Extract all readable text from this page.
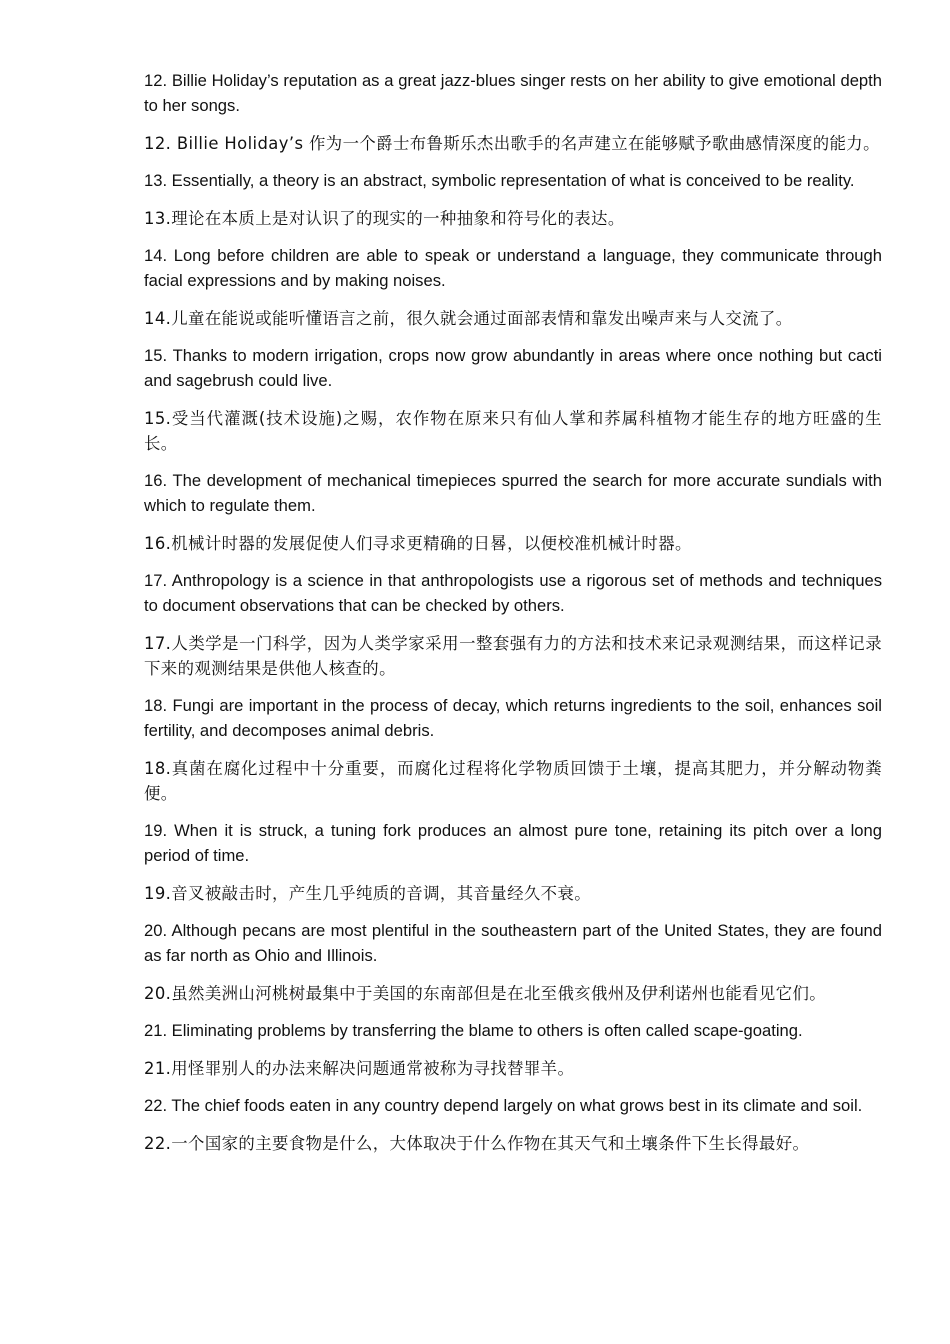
12. Billie Holiday’s reputation as a great jazz-blues singer rests on her ability to give emotional depth to her songs.

12. Billie Holiday’s 作为一个爵士布鲁斯乐杰出歌手的名声建立在能够赋予歌曲感情深度的能力。

13. Essentially, a theory is an abstract, symbolic representation of what is conceived to be reality.

13.理论在本质上是对认识了的现实的一种抽象和符号化的表达。

14. Long before children are able to speak or understand a language, they communicate through facial expressions and by making noises.

14.儿童在能说或能听懂语言之前，很久就会通过面部表情和靠发出噪声来与人交流了。

15. Thanks to modern irrigation, crops now grow abundantly in areas where once nothing but cacti and sagebrush could live.

15.受当代灌溉(技术设施)之赐，农作物在原来只有仙人掌和荞属科植物才能生存的地方旺盛的生长。

16. The development of mechanical timepieces spurred the search for more accurate sundials with which to regulate them.

16.机械计时器的发展促使人们寻求更精确的日晷，以便校准机械计时器。

17. Anthropology is a science in that anthropologists use a rigorous set of methods and techniques to document observations that can be checked by others.

17.人类学是一门科学，因为人类学家采用一整套强有力的方法和技术来记录观测结果，而这样记录下来的观测结果是供他人核查的。

18. Fungi are important in the process of decay, which returns ingredients to the soil, enhances soil fertility, and decomposes animal debris.

18.真菌在腐化过程中十分重要，而腐化过程将化学物质回馈于土壤，提高其肥力，并分解动物粪便。

19. When it is struck, a tuning fork produces an almost pure tone, retaining its pitch over a long period of time.

19.音叉被敲击时，产生几乎纯质的音调，其音量经久不衰。

20. Although pecans are most plentiful in the southeastern part of the United States, they are found as far north as Ohio and Illinois.

20.虽然美洲山河桃树最集中于美国的东南部但是在北至俄亥俄州及伊利诺州也能看见它们。

21. Eliminating problems by transferring the blame to others is often called scape-goating.

21.用怪罪别人的办法来解决问题通常被称为寻找替罪羊。

22. The chief foods eaten in any country depend largely on what grows best in its climate and soil.

22.一个国家的主要食物是什么，大体取决于什么作物在其天气和土壤条件下生长得最好。
